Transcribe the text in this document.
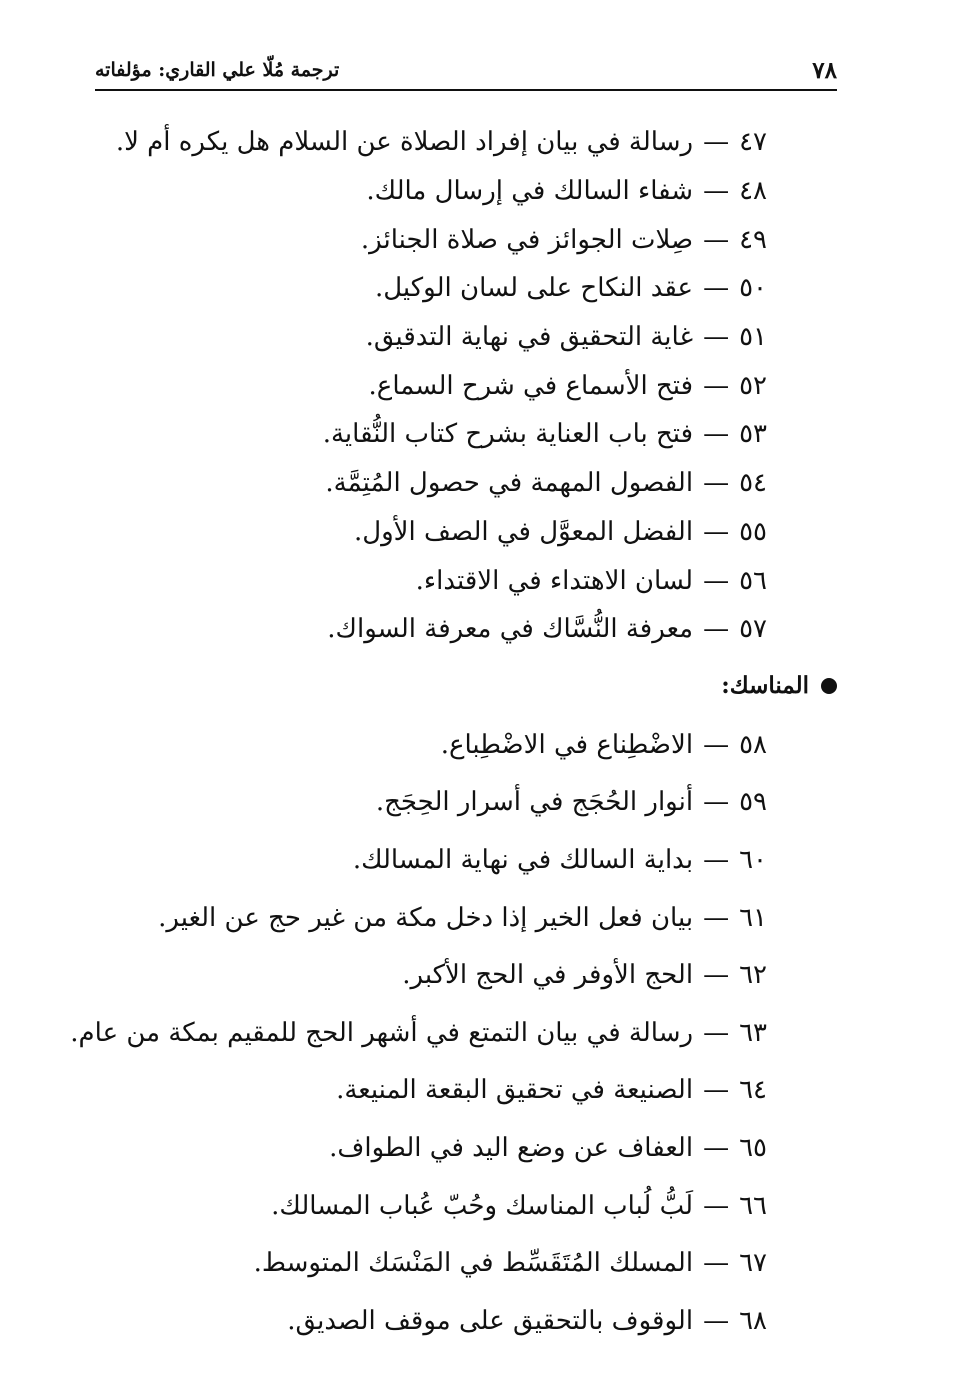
٧٨
ترجمة مُلّا علي القاري: مؤلفاته
٤٧
—
رسالة في بيان إفراد الصلاة عن السلام هل يكره أم لا.
٤٨
—
شفاء السالك في إرسال مالك.
٤٩
—
صِلات الجوائز في صلاة الجنائز.
٥٠
—
عقد النكاح على لسان الوكيل.
٥١
—
غاية التحقيق في نهاية التدقيق.
٥٢
—
فتح الأسماع في شرح السماع.
٥٣
—
فتح باب العناية بشرح كتاب النُّقاية.
٥٤
—
الفصول المهمة في حصول المُتِمَّة.
٥٥
—
الفضل المعوَّل في الصف الأول.
٥٦
—
لسان الاهتداء في الاقتداء.
٥٧
—
معرفة النُّسَّاك في معرفة السواك.
المناسك:
٥٨
—
الاضْطِناع في الاضْطِباع.
٥٩
—
أنوار الحُجَج في أسرار الحِجَج.
٦٠
—
بداية السالك في نهاية المسالك.
٦١
—
بيان فعل الخير إذا دخل مكة من غير حج عن الغير.
٦٢
—
الحج الأوفر في الحج الأكبر.
٦٣
—
رسالة في بيان التمتع في أشهر الحج للمقيم بمكة من عام.
٦٤
—
الصنيعة في تحقيق البقعة المنيعة.
٦٥
—
العفاف عن وضع اليد في الطواف.
٦٦
—
لَبُّ لُباب المناسك وحُبّ عُباب المسالك.
٦٧
—
المسلك المُتَقَسِّط في المَنْسَك المتوسط.
٦٨
—
الوقوف بالتحقيق على موقف الصديق.
